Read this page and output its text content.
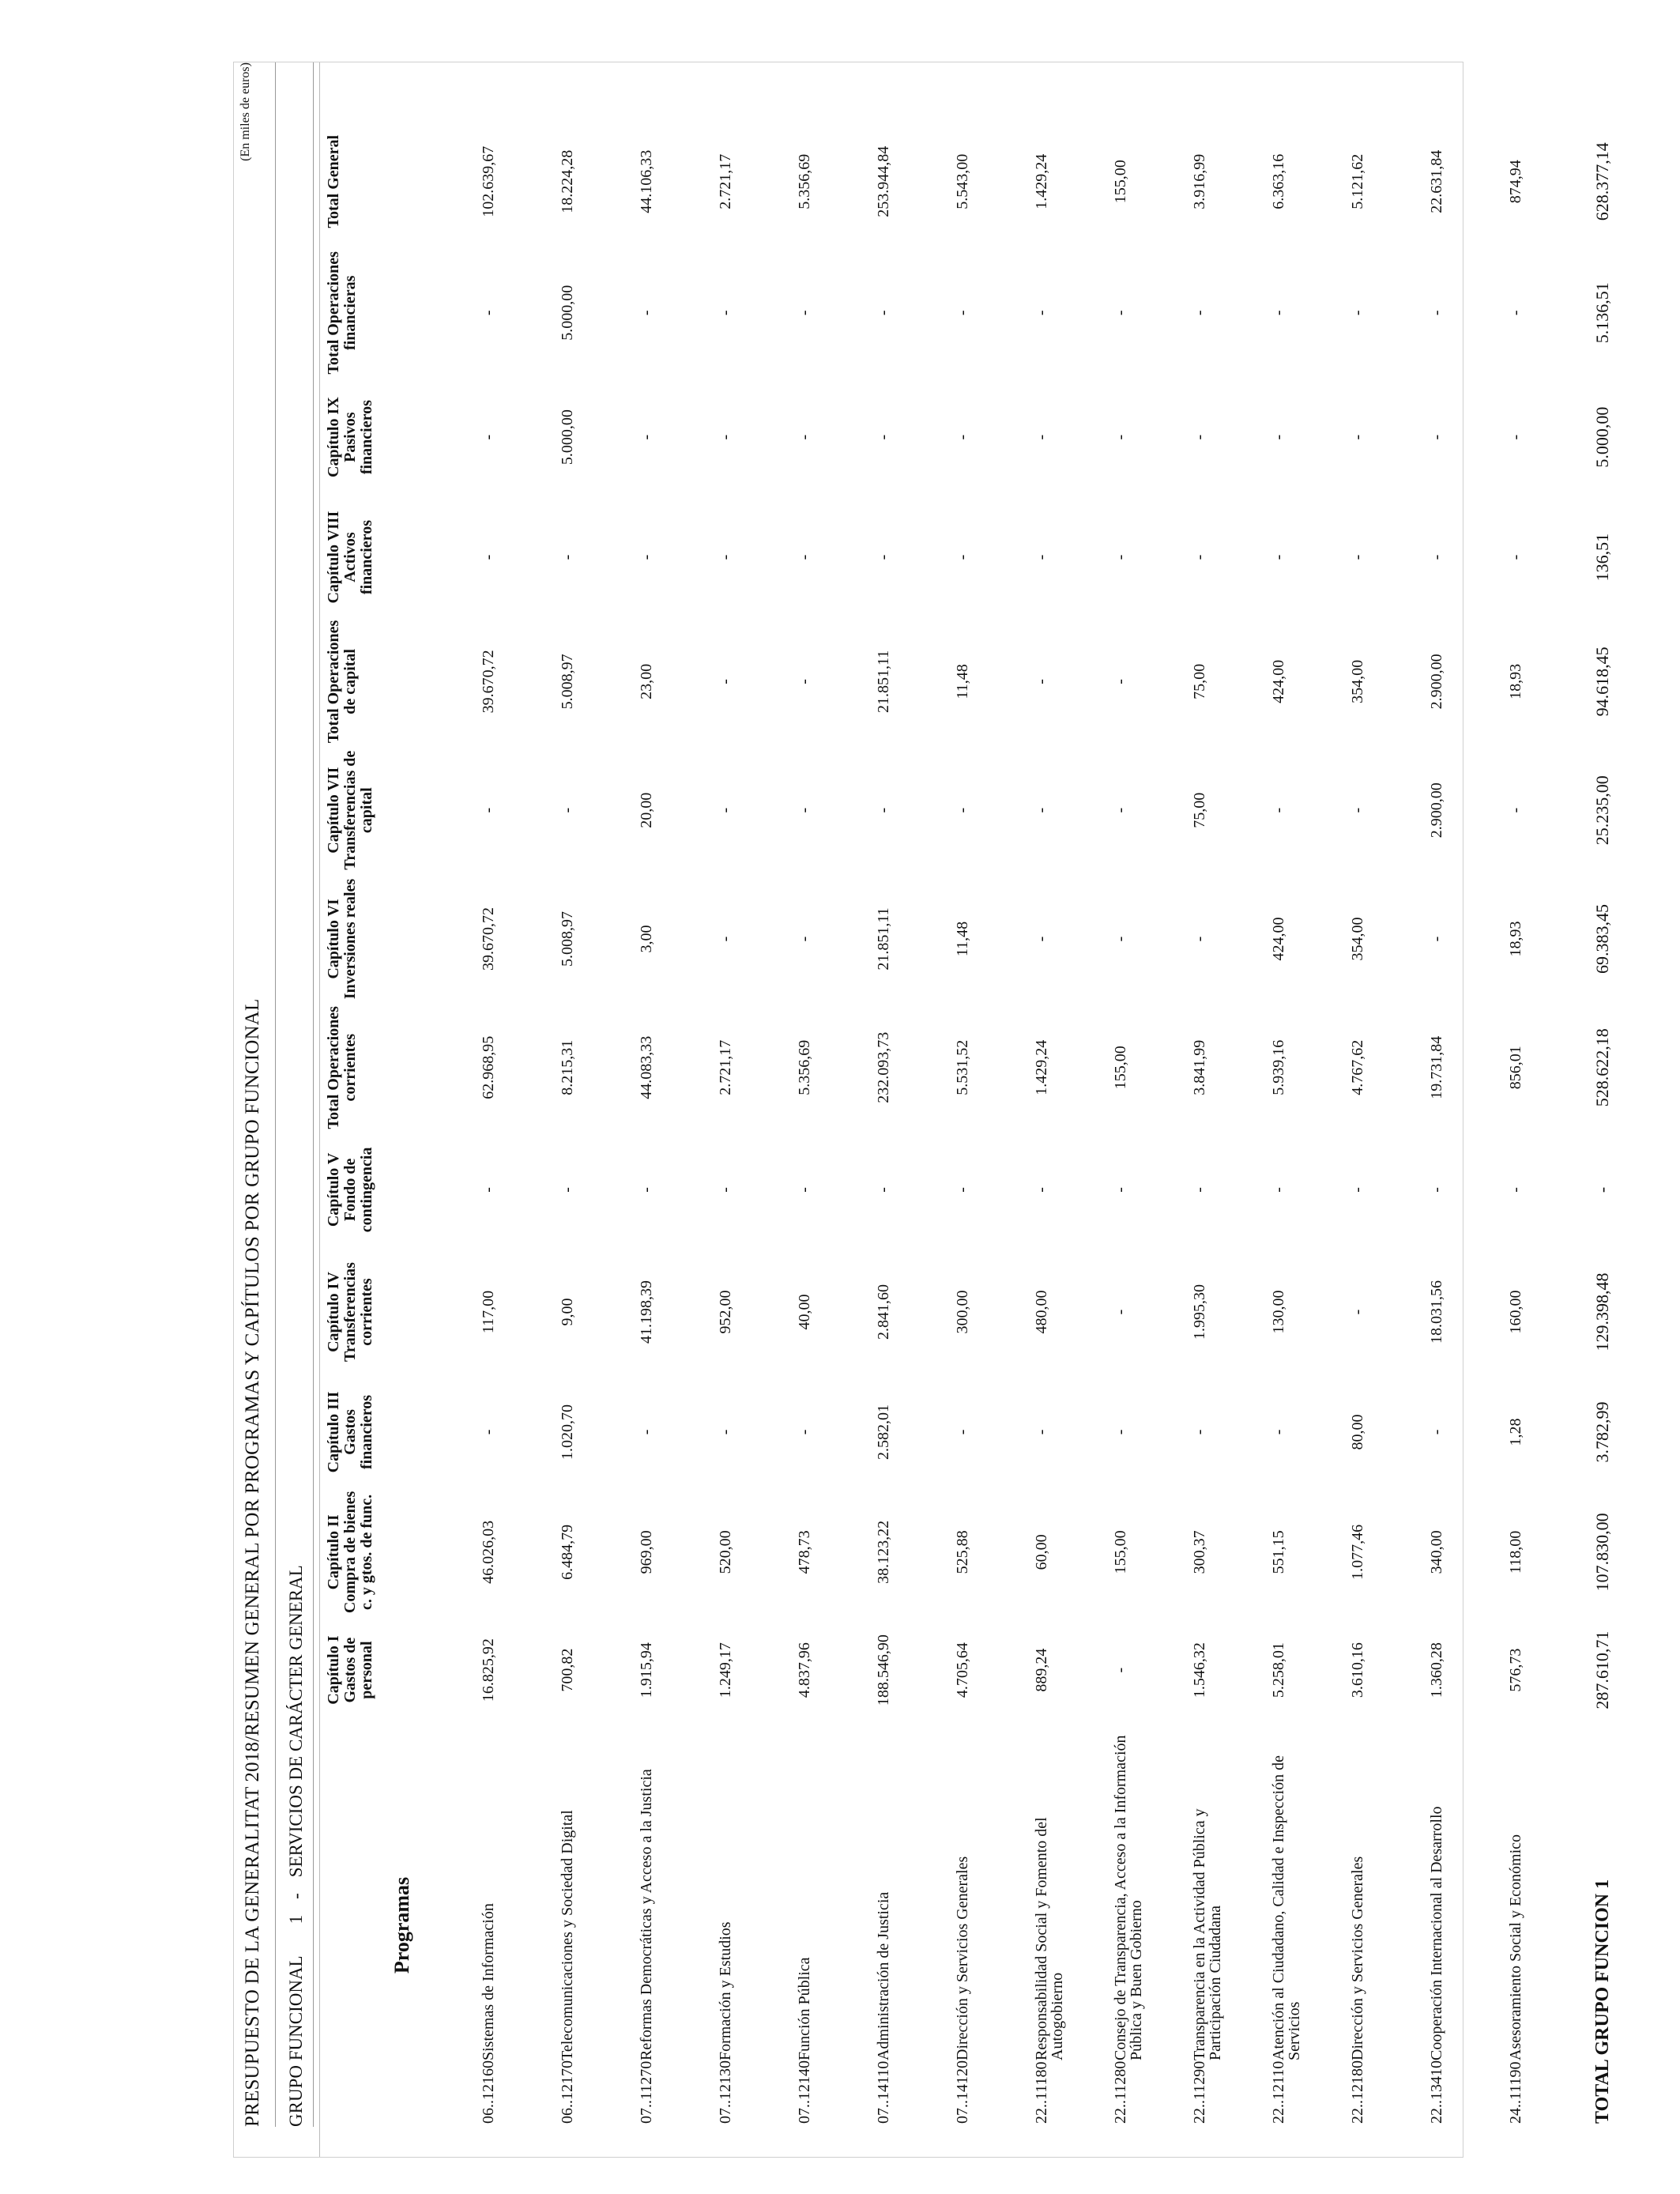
PRESUPUESTO DE LA GENERALITAT 2018/RESUMEN GENERAL POR PROGRAMAS Y CAPÍTULOS POR GRUPO FUNCIONAL
(En miles de euros)
GRUPO FUNCIONAL1-SERVICIOS DE CARÁCTER GENERAL
Programas	Capítulo I Gastos de personal	Capítulo II Compra de bienes c. y gtos. de func.	Capítulo III Gastos financieros	Capítulo IV Transferencias corrientes	Capítulo V Fondo de contingencia	Total Operaciones corrientes	Capítulo VI Inversiones reales	Capítulo VII Transferencias de capital	Total Operaciones de capital	Capítulo VIII Activos financieros	Capítulo IX Pasivos financieros	Total Operaciones financieras	Total General

06..12160Sistemas de Información	16.825,92	46.026,03	-	117,00	-	62.968,95	39.670,72	-	39.670,72	-	-	-	102.639,67

06..12170Telecomunicaciones y Sociedad Digital	700,82	6.484,79	1.020,70	9,00	-	8.215,31	5.008,97	-	5.008,97	-	5.000,00	5.000,00	18.224,28

07..11270Reformas Democráticas y Acceso a la Justicia	1.915,94	969,00	-	41.198,39	-	44.083,33	3,00	20,00	23,00	-	-	-	44.106,33

07..12130Formación y Estudios	1.249,17	520,00	-	952,00	-	2.721,17	-	-	-	-	-	-	2.721,17

07..12140Función Pública	4.837,96	478,73	-	40,00	-	5.356,69	-	-	-	-	-	-	5.356,69

07..14110Administración de Justicia	188.546,90	38.123,22	2.582,01	2.841,60	-	232.093,73	21.851,11	-	21.851,11	-	-	-	253.944,84

07..14120Dirección y Servicios Generales	4.705,64	525,88	-	300,00	-	5.531,52	11,48	-	11,48	-	-	-	5.543,00

22..11180Responsabilidad Social y Fomento del Autogobierno	889,24	60,00	-	480,00	-	1.429,24	-	-	-	-	-	-	1.429,24

22..11280Consejo de Transparencia, Acceso a la Información Pública y Buen Gobierno	-	155,00	-	-	-	155,00	-	-	-	-	-	-	155,00

22..11290Transparencia en la Actividad Pública y Participación Ciudadana	1.546,32	300,37	-	1.995,30	-	3.841,99	-	75,00	75,00	-	-	-	3.916,99

22..12110Atención al Ciudadano, Calidad e Inspección de Servicios	5.258,01	551,15	-	130,00	-	5.939,16	424,00	-	424,00	-	-	-	6.363,16

22..12180Dirección y Servicios Generales	3.610,16	1.077,46	80,00	-	-	4.767,62	354,00	-	354,00	-	-	-	5.121,62

22..13410Cooperación Internacional al Desarrollo	1.360,28	340,00	-	18.031,56	-	19.731,84	-	2.900,00	2.900,00	-	-	-	22.631,84

24..11190Asesoramiento Social y Económico	576,73	118,00	1,28	160,00	-	856,01	18,93	-	18,93	-	-	-	874,94
TOTAL GRUPO FUNCION 1	287.610,71	107.830,00	3.782,99	129.398,48	-	528.622,18	69.383,45	25.235,00	94.618,45	136,51	5.000,00	5.136,51	628.377,14
